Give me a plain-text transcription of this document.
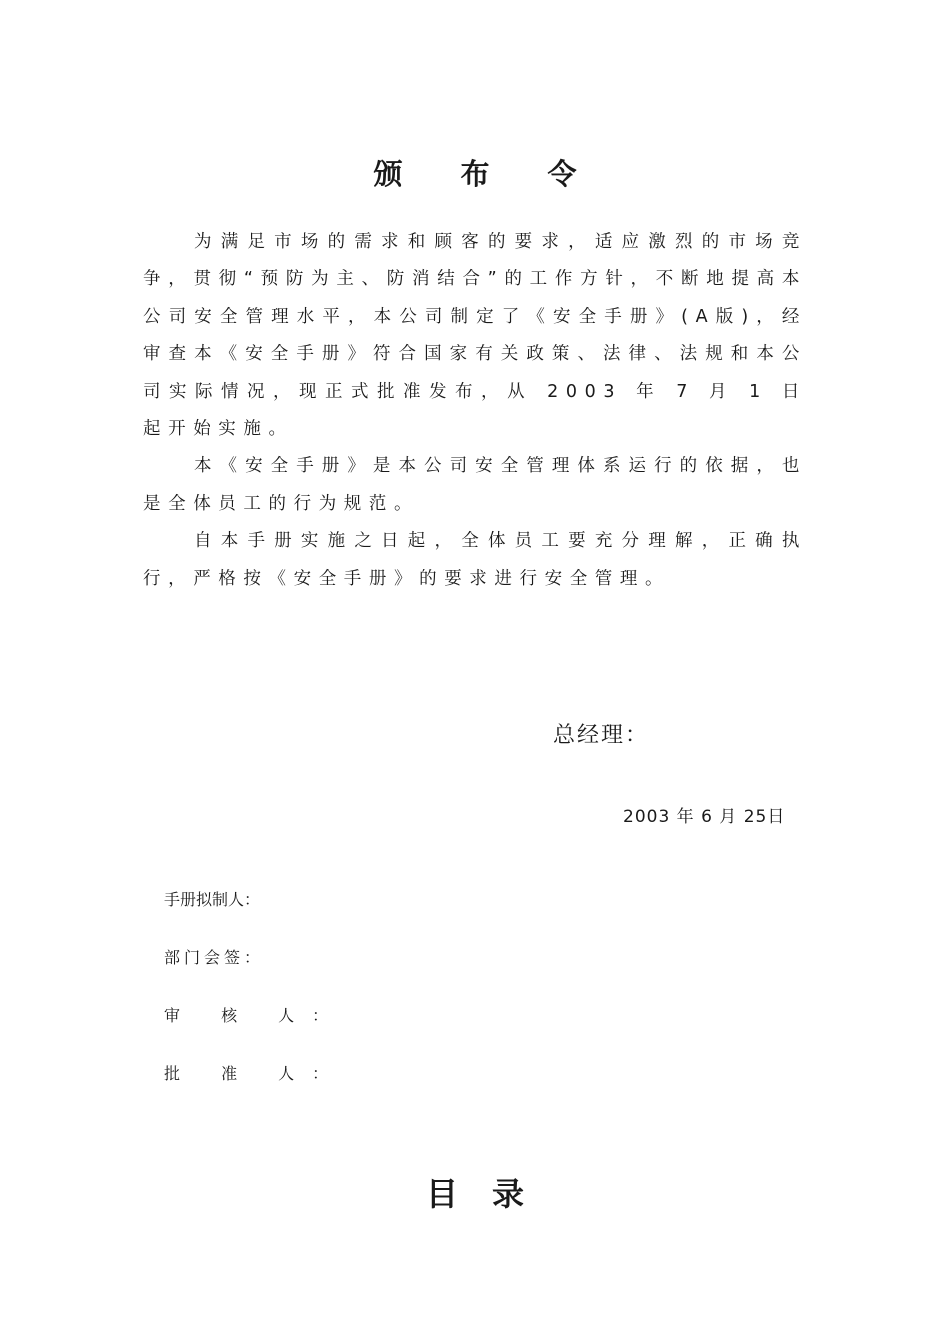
颁布令

为满足市场的需求和顾客的要求，适应激烈的市场竞争，贯彻“预防为主、防消结合”的工作方针，不断地提高本公司安全管理水平，本公司制定了《安全手册》(A版)，经审查本《安全手册》符合国家有关政策、法律、法规和本公司实际情况，现正式批准发布，从 2003 年 7 月 1 日起开始实施。

本《安全手册》是本公司安全管理体系运行的依据，也是全体员工的行为规范。

自本手册实施之日起，全体员工要充分理解，正确执行，严格按《安全手册》的要求进行安全管理。

总经理：
2003 年 6 月 25日
手册拟制人：
部门会签：
审 核 人：
批 准 人：
目录
